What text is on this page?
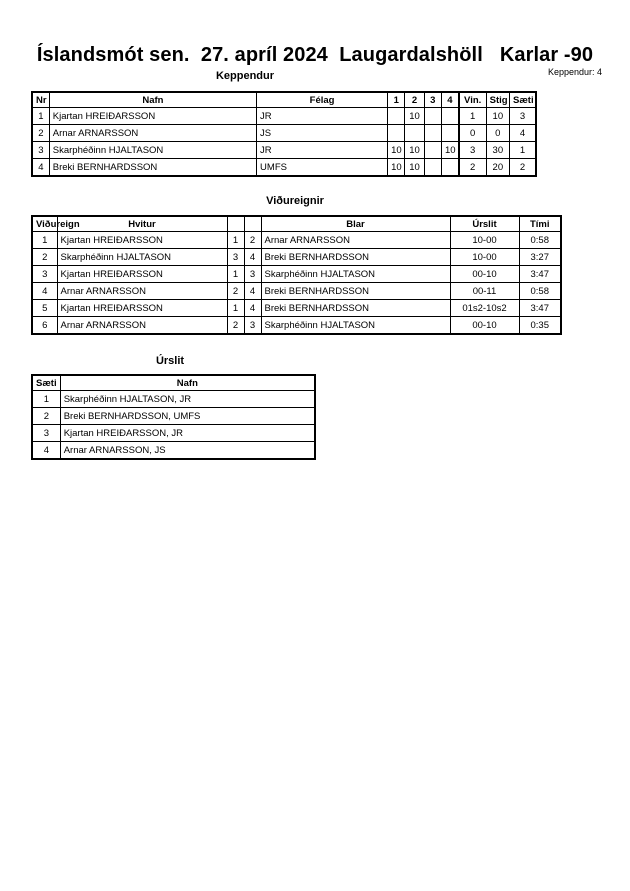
Íslandsmót sen.  27. apríl 2024  Laugardalshöll   Karlar -90
Keppendur: 4
Keppendur
Nr	Nafn	Félag	1	2	3	4	Vin.	Stig	Sæti
1	Kjartan HREIÐARSSON	JR		10			1	10	3
2	Arnar ARNARSSON	JS					0	0	4
3	Skarphéðinn HJALTASON	JR	10	10		10	3	30	1
4	Breki BERNHARDSSON	UMFS	10	10			2	20	2
Viðureignir
Viðureign	Hvitur			Blar	Úrslit	Tími
1	Kjartan HREIÐARSSON	1	2	Arnar ARNARSSON	10-00	0:58
2	Skarphéðinn HJALTASON	3	4	Breki BERNHARDSSON	10-00	3:27
3	Kjartan HREIÐARSSON	1	3	Skarphéðinn HJALTASON	00-10	3:47
4	Arnar ARNARSSON	2	4	Breki BERNHARDSSON	00-11	0:58
5	Kjartan HREIÐARSSON	1	4	Breki BERNHARDSSON	01s2-10s2	3:47
6	Arnar ARNARSSON	2	3	Skarphéðinn HJALTASON	00-10	0:35
Úrslit
Sæti	Nafn
1	Skarphéðinn HJALTASON, JR
2	Breki BERNHARDSSON, UMFS
3	Kjartan HREIÐARSSON, JR
4	Arnar ARNARSSON, JS
